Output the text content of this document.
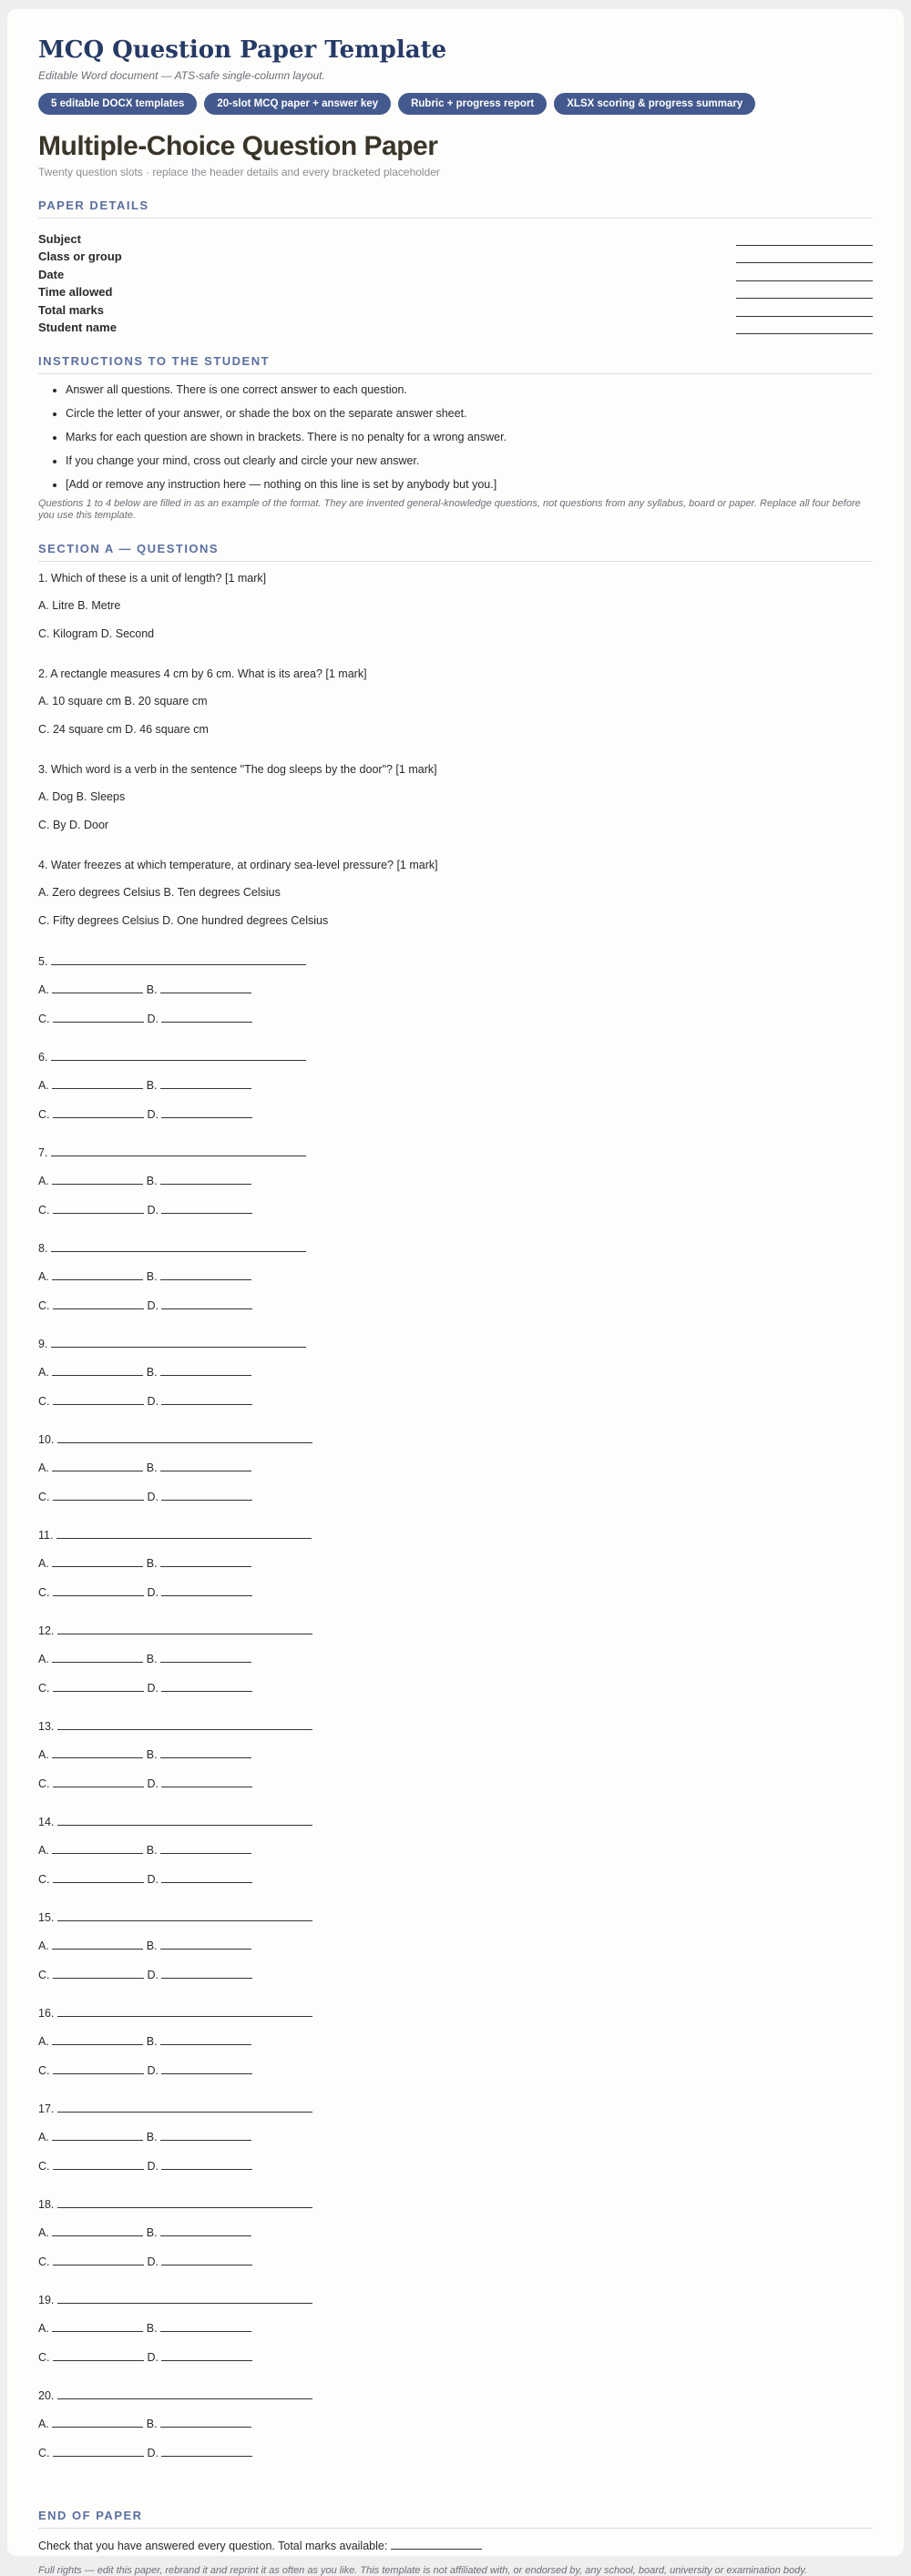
MCQ Question Paper Template
Editable Word document — ATS-safe single-column layout.
5 editable DOCX templates	20-slot MCQ paper + answer key	Rubric + progress report	XLSX scoring & progress summary
Multiple-Choice Question Paper
Twenty question slots · replace the header details and every bracketed placeholder
PAPER DETAILS
Subject
Class or group
Date
Time allowed
Total marks
Student name
INSTRUCTIONS TO THE STUDENT
• Answer all questions. There is one correct answer to each question.
• Circle the letter of your answer, or shade the box on the separate answer sheet.
• Marks for each question are shown in brackets. There is no penalty for a wrong answer.
• If you change your mind, cross out clearly and circle your new answer.
• [Add or remove any instruction here — nothing on this line is set by anybody but you.]
Questions 1 to 4 below are filled in as an example of the format. They are invented general-knowledge questions, not questions from any syllabus, board or paper. Replace all four before you use this template.
SECTION A — QUESTIONS
1. Which of these is a unit of length? [1 mark]
A. Litre B. Metre
C. Kilogram D. Second
2. A rectangle measures 4 cm by 6 cm. What is its area? [1 mark]
A. 10 square cm B. 20 square cm
C. 24 square cm D. 46 square cm
3. Which word is a verb in the sentence "The dog sleeps by the door"? [1 mark]
A. Dog B. Sleeps
C. By D. Door
4. Water freezes at which temperature, at ordinary sea-level pressure? [1 mark]
A. Zero degrees Celsius B. Ten degrees Celsius
C. Fifty degrees Celsius D. One hundred degrees Celsius
5.
A.	B.
C.	D.
6.
A.	B.
C.	D.
7.
A.	B.
C.	D.
8.
A.	B.
C.	D.
9.
A.	B.
C.	D.
10.
A.	B.
C.	D.
11.
A.	B.
C.	D.
12.
A.	B.
C.	D.
13.
A.	B.
C.	D.
14.
A.	B.
C.	D.
15.
A.	B.
C.	D.
16.
A.	B.
C.	D.
17.
A.	B.
C.	D.
18.
A.	B.
C.	D.
19.
A.	B.
C.	D.
20.
A.	B.
C.	D.
END OF PAPER
Check that you have answered every question. Total marks available:
Full rights — edit this paper, rebrand it and reprint it as often as you like. This template is not affiliated with, or endorsed by, any school, board, university or examination body.
